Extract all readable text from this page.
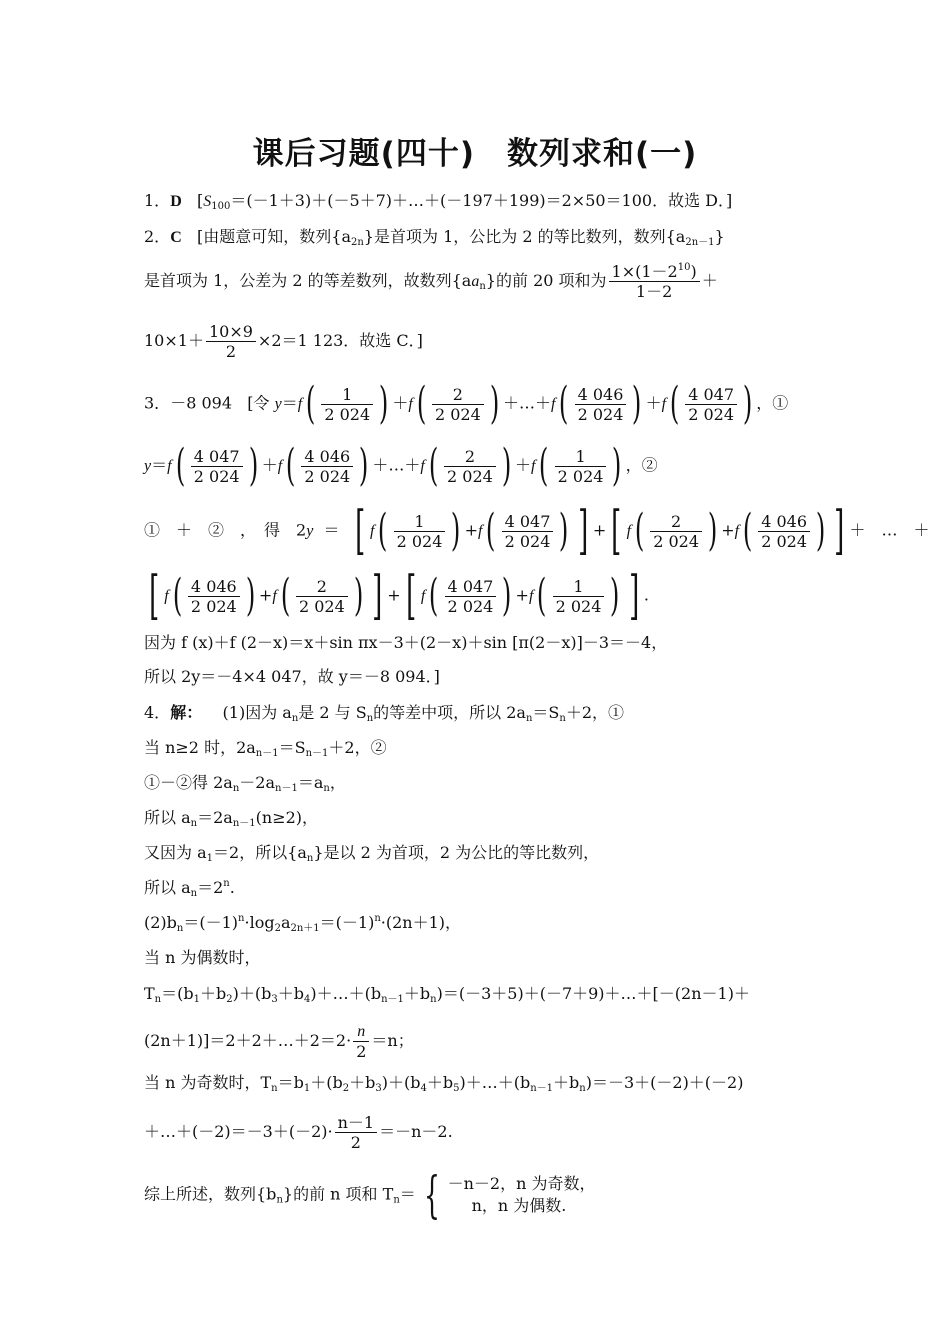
课后习题(四十)　数列求和(一)
1．D [$S_{100}=(-1+3)+(-5+7)+\dots+(-197+199)=2\times 50=100$．故选 D．]
2．C [由题意可知，数列$\{a_{2n}\}$是首项为 1，公比为 2 的等比数列，数列$\{a_{2n-1}\}$
是首项为 1，公差为 2 的等差数列，故数列$\{aa_n\}$的前 20 项和为 $\frac{1\times(1-2^{10})}{1-2}$ ＋
$10\times 1+ \frac{10\times 9}{2} \times 2=1$ 123．故选 C．]
3．－8 094 [令 $y=f( \frac{1}{2 024}$ ) $+f( \frac{2}{2 024}$ ) ＋…＋f( $\frac{4 046}{2 024}$ ) $+f( \frac{4 047}{2 024}$ ) ，①
$y=f( \frac{4 047}{2 024}$ ) $+f( \frac{4 046}{2 024}$ ) ＋…＋f( $\frac{2}{2 024}$ ) $+f( \frac{1}{2 024}$ ) ，②
①　＋　②　，　得　2y ＝ [ $f( \frac{1}{2 024}$ ) $+f( \frac{4 047}{2 024}$ ) ] +[ $f( \frac{2}{2 024}$ ) $+f( \frac{4 046}{2 024}$ ) ] ＋　…　＋
[ $f( \frac{4 046}{2 024}$ ) $+f( \frac{2}{2 024}$ ) ] +[ $f( \frac{4 047}{2 024}$ ) $+f( \frac{1}{2 024}$ ) ] .
因为 f (x)＋f (2－x)＝x＋sin πx－3＋(2－x)＋sin [π(2－x)]－3＝－4，
所以 2y＝－4×4 047，故 y＝－8 094．]
4．解： (1)因为 $a_n$是 2 与 $S_n$的等差中项，所以 $2a_n=S_n+2$，①
当 n≥2 时，$2a_{n-1}=S_{n-1}+2$，②
①－②得 $2a_n-2a_{n-1}=a_n$，
所以 $a_n=2a_{n-1}(n\ge 2)$，
又因为 $a_1=2$，所以$\{a_n\}$是以 2 为首项，2 为公比的等比数列，
所以 $a_n=2^n$.
$(2)b_n=(-1)^n\cdot\log_2a_{2n+1}=(-1)^n\cdot(2n+1)$，
当 n 为偶数时，
$T_n=(b_1+b_2)+(b_3+b_4)+\dots+(b_{n-1}+b_n)=(-3+5)+(-7+9)+\dots+[-(2n-1)+$
(2n＋1)]＝2＋2＋…＋2＝2· $\frac{n}{2} =n$；
当 n 为奇数时，$T_n=b_1+(b_2+b_3)+(b_4+b_5)+\dots+(b_{n-1}+b_n)=-3+(-2)+(-2)$
＋…＋(－2)＝－3＋(－2)· $\frac{n-1}{2} =-n-2$.
综上所述，数列$\{b_n\}$的前 n 项和 $T_n=$ { －n－2，n 为奇数，
n，n 为偶数.
